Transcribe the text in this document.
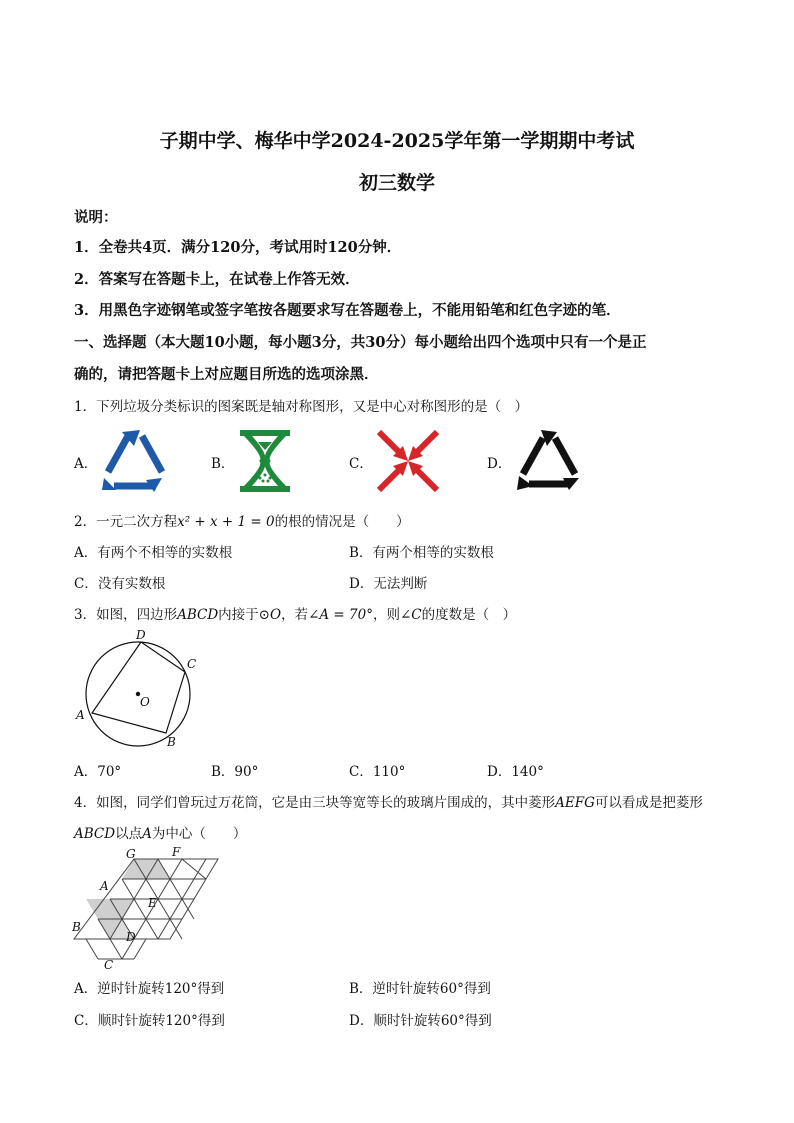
子期中学、梅华中学2024-2025学年第一学期期中考试
初三数学
说明：
1．全卷共4页．满分120分，考试用时120分钟．
2．答案写在答题卡上，在试卷上作答无效．
3．用黑色字迹钢笔或签字笔按各题要求写在答题卷上，不能用铅笔和红色字迹的笔．
一、选择题（本大题10小题，每小题3分，共30分）每小题给出四个选项中只有一个是正
确的，请把答题卡上对应题目所选的选项涂黑．
1．下列垃圾分类标识的图案既是轴对称图形，又是中心对称图形的是（　）
A．	B．	C．	D．
2．一元二次方程x² + x + 1 = 0的根的情况是（　　）
A．有两个不相等的实数根	B．有两个相等的实数根
C．没有实数根	D．无法判断
3．如图，四边形ABCD内接于⊙O，若∠A = 70°，则∠C的度数是（　）
D
C
O
A
B
A．70°	B．90°	C．110°	D．140°
4．如图，同学们曾玩过万花筒，它是由三块等宽等长的玻璃片围成的，其中菱形AEFG可以看成是把菱形
ABCD以点A为中心（　　）
G	F
A
E
B
D
C
A．逆时针旋转120°得到	B．逆时针旋转60°得到
C．顺时针旋转120°得到	D．顺时针旋转60°得到
